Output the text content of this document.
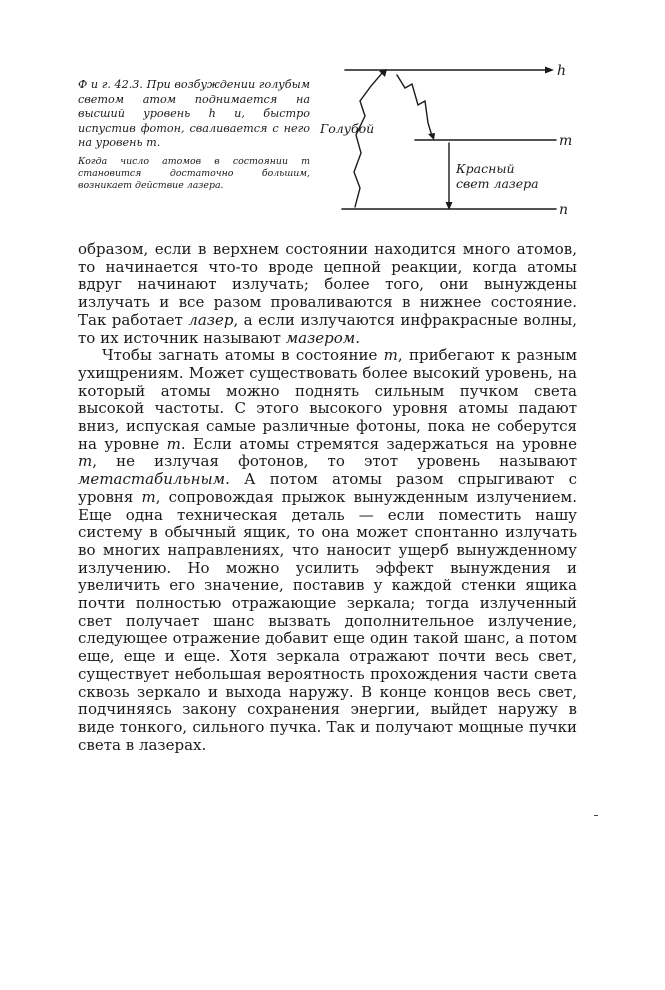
Ф и г. 42.3. При возбуждении голубым светом атом поднимается на высший уровень h и, быстро испустив фотон, сваливается с него на уровень m.
Когда число атомов в состоянии m становится достаточно большим, возникает действие лазера.
h
m
n
Голубой
Красный
свет лазера

образом, если в верхнем состоянии находится много атомов, то начинается что-то вроде цепной реакции, когда атомы вдруг начинают излучать; более того, они вынуждены излучать и все разом проваливаются в нижнее состояние. Так работает лазер, а если излучаются инфракрасные волны, то их источник называют мазером.

Чтобы загнать атомы в состояние m, прибегают к разным ухищрениям. Может существовать более высокий уровень, на который атомы можно поднять сильным пучком света высокой частоты. С этого высокого уровня атомы падают вниз, испуская самые различные фотоны, пока не соберутся на уровне m. Если атомы стремятся задержаться на уровне m, не излучая фотонов, то этот уровень называют метастабильным. А потом атомы разом спрыгивают с уровня m, сопровождая прыжок вынужденным излучением. Еще одна техническая деталь — если поместить нашу систему в обычный ящик, то она может спонтанно излучать во многих направлениях, что наносит ущерб вынужденному излучению. Но можно усилить эффект вынуждения и увеличить его значение, поставив у каждой стенки ящика почти полностью отражающие зеркала; тогда излученный свет получает шанс вызвать дополнительное излучение, следующее отражение добавит еще один такой шанс, а потом еще, еще и еще. Хотя зеркала отражают почти весь свет, существует небольшая вероятность прохождения части света сквозь зеркало и выхода наружу. В конце концов весь свет, подчиняясь закону сохранения энергии, выйдет наружу в виде тонкого, сильного пучка. Так и получают мощные пучки света в лазерах.
